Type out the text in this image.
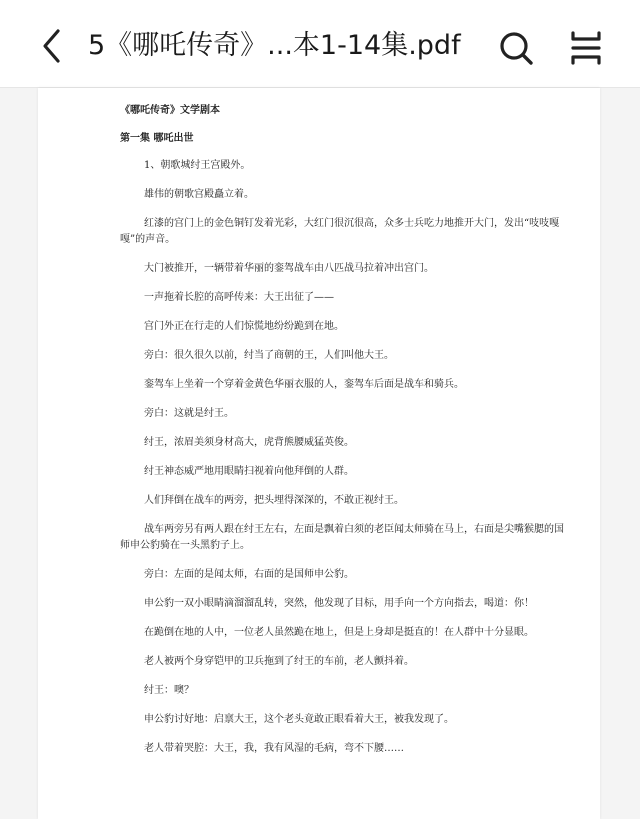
5《哪吒传奇》...本1-14集.pdf
《哪吒传奇》文学剧本
第一集 哪吒出世
1、朝歌城纣王宫殿外。
雄伟的朝歌宫殿矗立着。
红漆的宫门上的金色铜钉发着光彩，大红门很沉很高，众多士兵吃力地推开大门，发出“吱吱嘎嘎”的声音。
大门被推开，一辆带着华丽的銮驾战车由八匹战马拉着冲出宫门。
一声拖着长腔的高呼传来：大王出征了——
宫门外正在行走的人们惊慌地纷纷跪到在地。
旁白：很久很久以前，纣当了商朝的王，人们叫他大王。
銮驾车上坐着一个穿着金黄色华丽衣服的人，銮驾车后面是战车和骑兵。
旁白：这就是纣王。
纣王，浓眉美须身材高大，虎背熊腰威猛英俊。
纣王神态威严地用眼睛扫视着向他拜倒的人群。
人们拜倒在战车的两旁，把头埋得深深的，不敢正视纣王。
战车两旁另有两人跟在纣王左右，左面是飘着白须的老臣闻太师骑在马上，右面是尖嘴猴腮的国师申公豹骑在一头黑豹子上。
旁白：左面的是闻太师，右面的是国师申公豹。
申公豹一双小眼睛滴溜溜乱转，突然，他发现了目标，用手向一个方向指去，喝道：你！
在跪倒在地的人中，一位老人虽然跪在地上，但是上身却是挺直的！在人群中十分显眼。
老人被两个身穿铠甲的卫兵拖到了纣王的车前，老人颤抖着。
纣王：噢？
申公豹讨好地：启禀大王，这个老头竟敢正眼看着大王，被我发现了。
老人带着哭腔：大王，我，我有风湿的毛病，弯不下腰……
